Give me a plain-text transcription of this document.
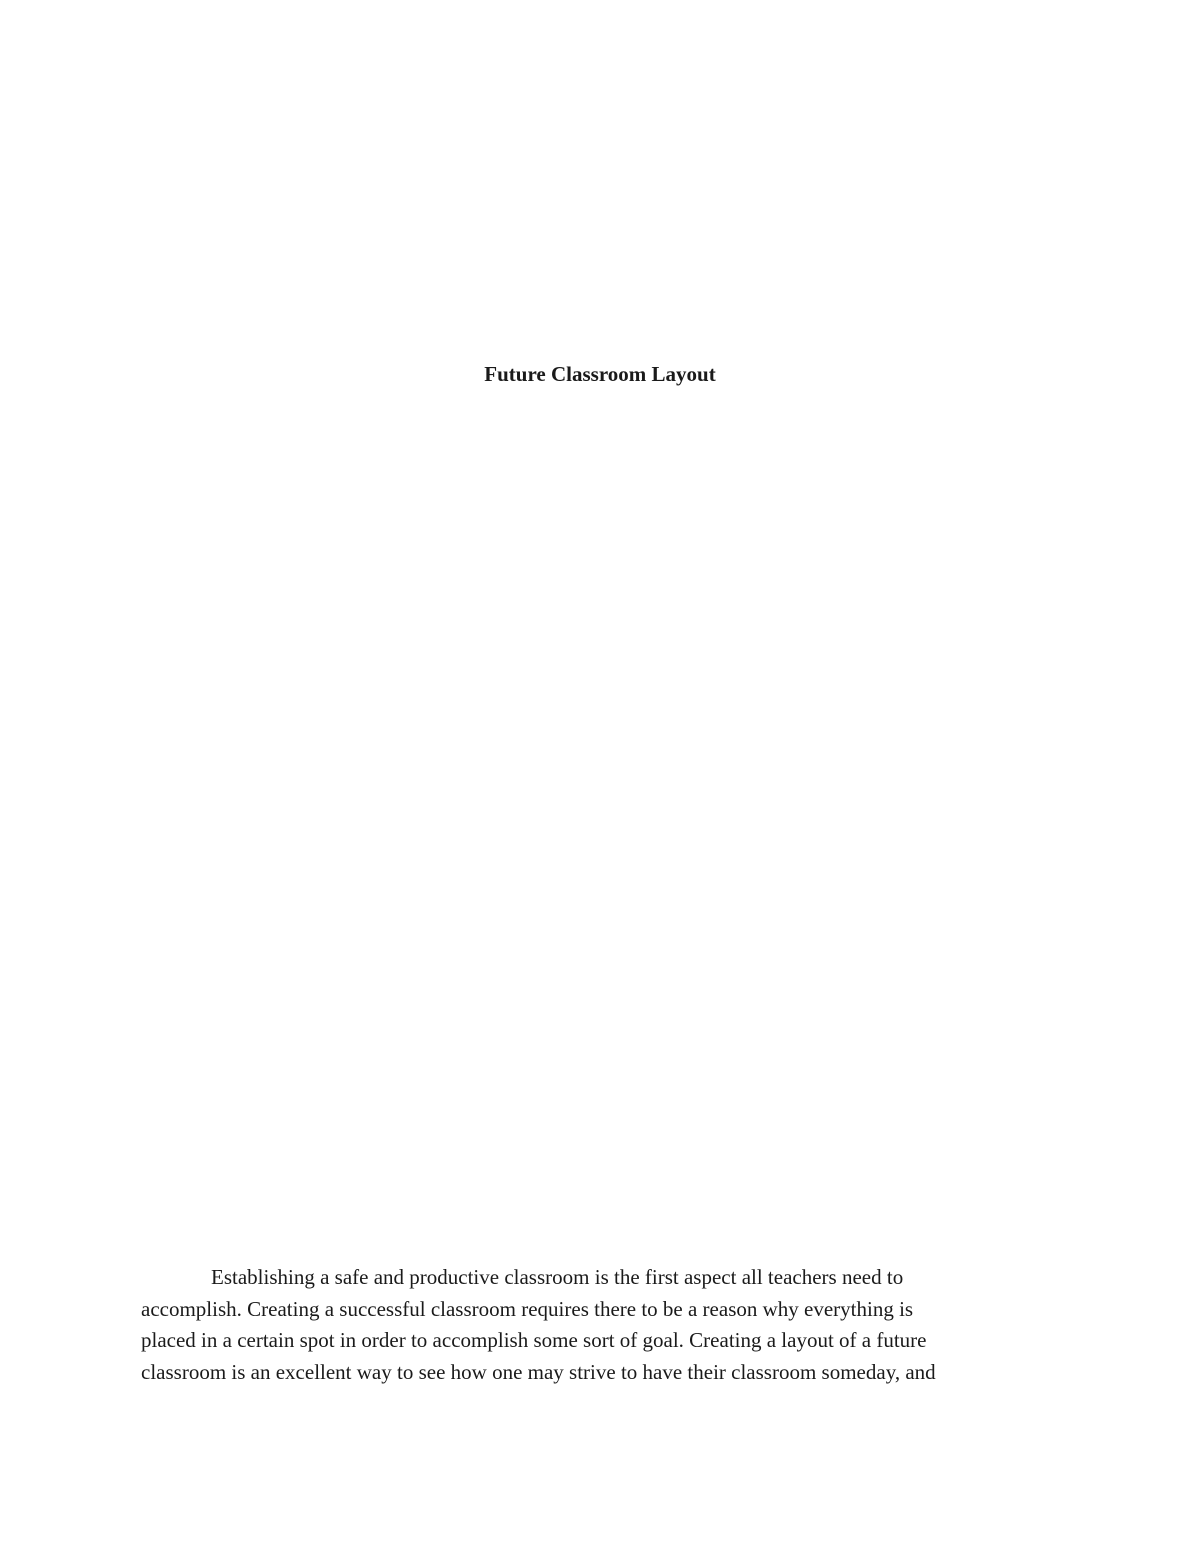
Future Classroom Layout
Establishing a safe and productive classroom is the first aspect all teachers need to
accomplish. Creating a successful classroom requires there to be a reason why everything is
placed in a certain spot in order to accomplish some sort of goal. Creating a layout of a future
classroom is an excellent way to see how one may strive to have their classroom someday, and
